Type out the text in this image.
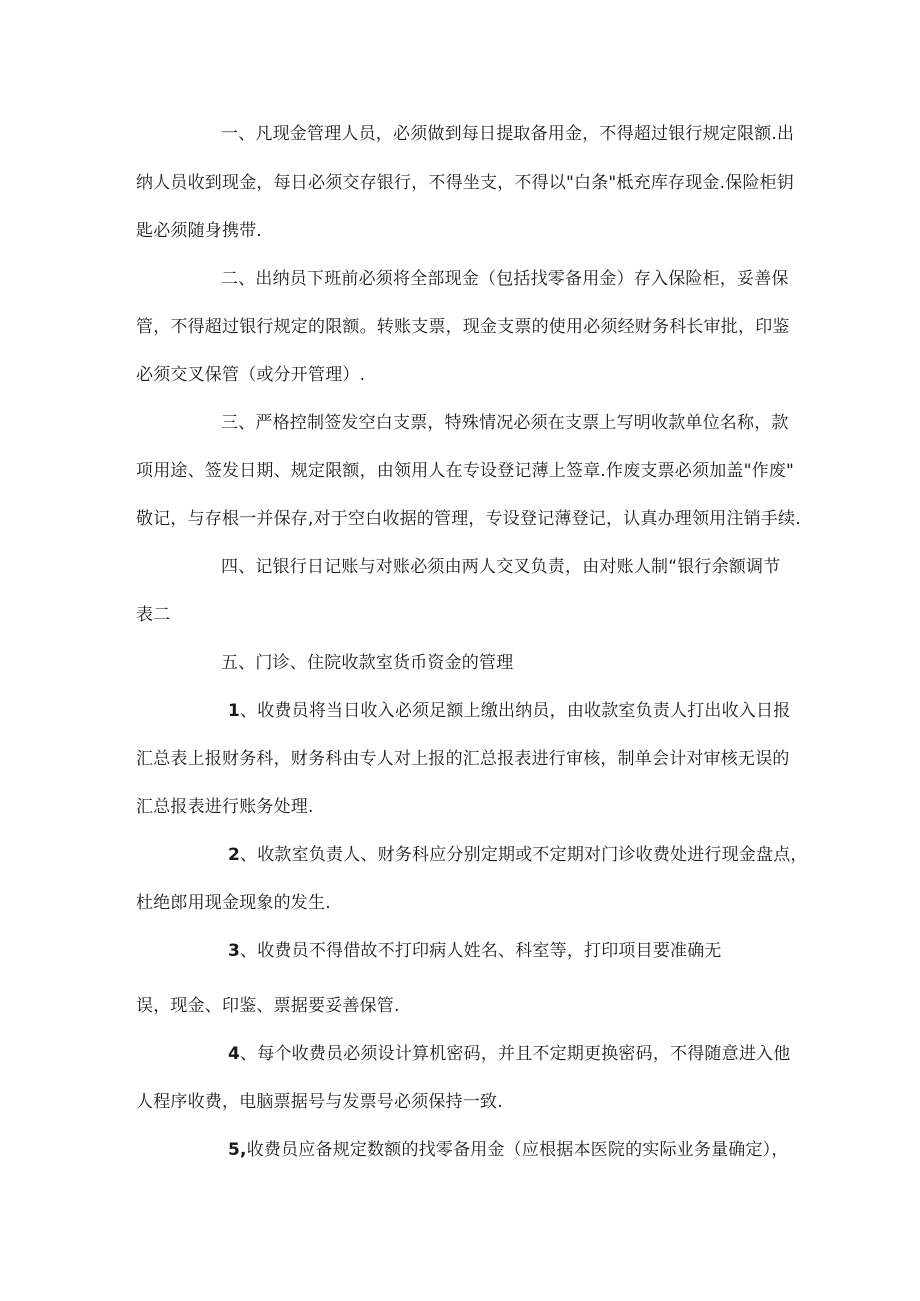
一、凡现金管理人员，必须做到每日提取备用金，不得超过银行规定限额.出
纳人员收到现金，每日必须交存银行，不得坐支，不得以"白条"柢充库存现金.保险柜钥
匙必须随身携带.
二、出纳员下班前必须将全部现金（包括找零备用金）存入保险柜，妥善保
管，不得超过银行规定的限额。转账支票，现金支票的使用必须经财务科长审批，印鉴
必须交叉保管（或分开管理）.
三、严格控制签发空白支票，特殊情况必须在支票上写明收款单位名称，款
项用途、签发日期、规定限额，由领用人在专设登记薄上签章.作废支票必须加盖"作废"
敬记，与存根一并保存,对于空白收据的管理，专设登记薄登记，认真办理领用注销手续.
四、记银行日记账与对账必须由两人交叉负责，由对账人制“银行余额调节
表二
五、门诊、住院收款室货币资金的管理
1、收费员将当日收入必须足额上缴出纳员，由收款室负责人打出收入日报
汇总表上报财务科，财务科由专人对上报的汇总报表进行审核，制单会计对审核无误的
汇总报表进行账务处理.
2、收款室负责人、财务科应分别定期或不定期对门诊收费处进行现金盘点，
杜绝郎用现金现象的发生.
3、收费员不得借故不打印病人姓名、科室等，打印项目要准确无
误，现金、印鉴、票据要妥善保管.
4、每个收费员必须设计算机密码，并且不定期更换密码，不得随意进入他
人程序收费，电脑票据号与发票号必须保持一致.
5,收费员应备规定数额的找零备用金（应根据本医院的实际业务量确定），
